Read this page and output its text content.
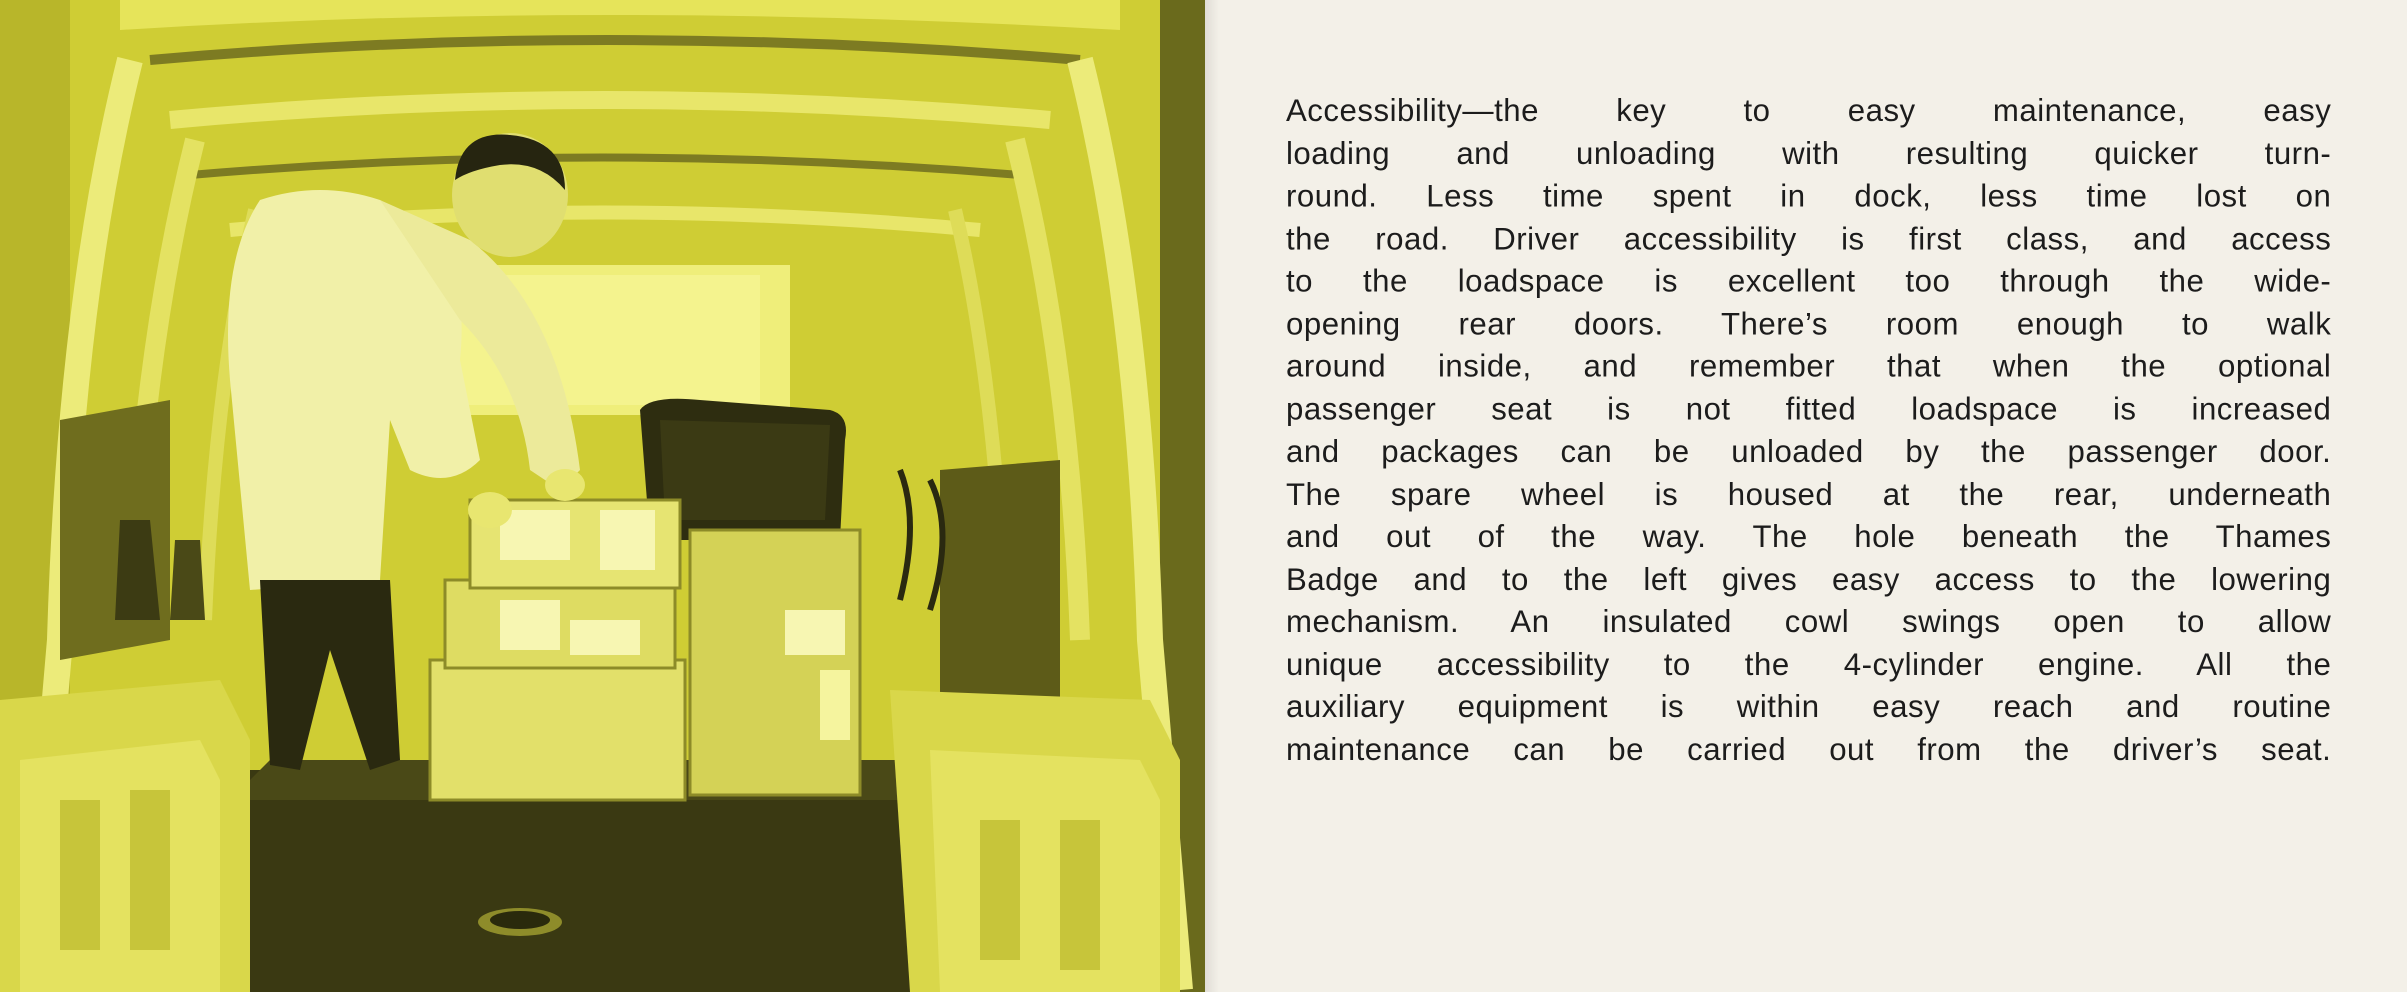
Accessibility—the key to easy maintenance, easy
loading and unloading with resulting quicker turn-
round. Less time spent in dock, less time lost on
the road. Driver accessibility is first class, and access
to the loadspace is excellent too through the wide-
opening rear doors. There’s room enough to walk
around inside, and remember that when the optional
passenger seat is not fitted loadspace is increased
and packages can be unloaded by the passenger door.
The spare wheel is housed at the rear, underneath
and out of the way. The hole beneath the Thames
Badge and to the left gives easy access to the lowering
mechanism. An insulated cowl swings open to allow
unique accessibility to the 4-cylinder engine. All the
auxiliary equipment is within easy reach and routine
maintenance can be carried out from the driver’s seat.
